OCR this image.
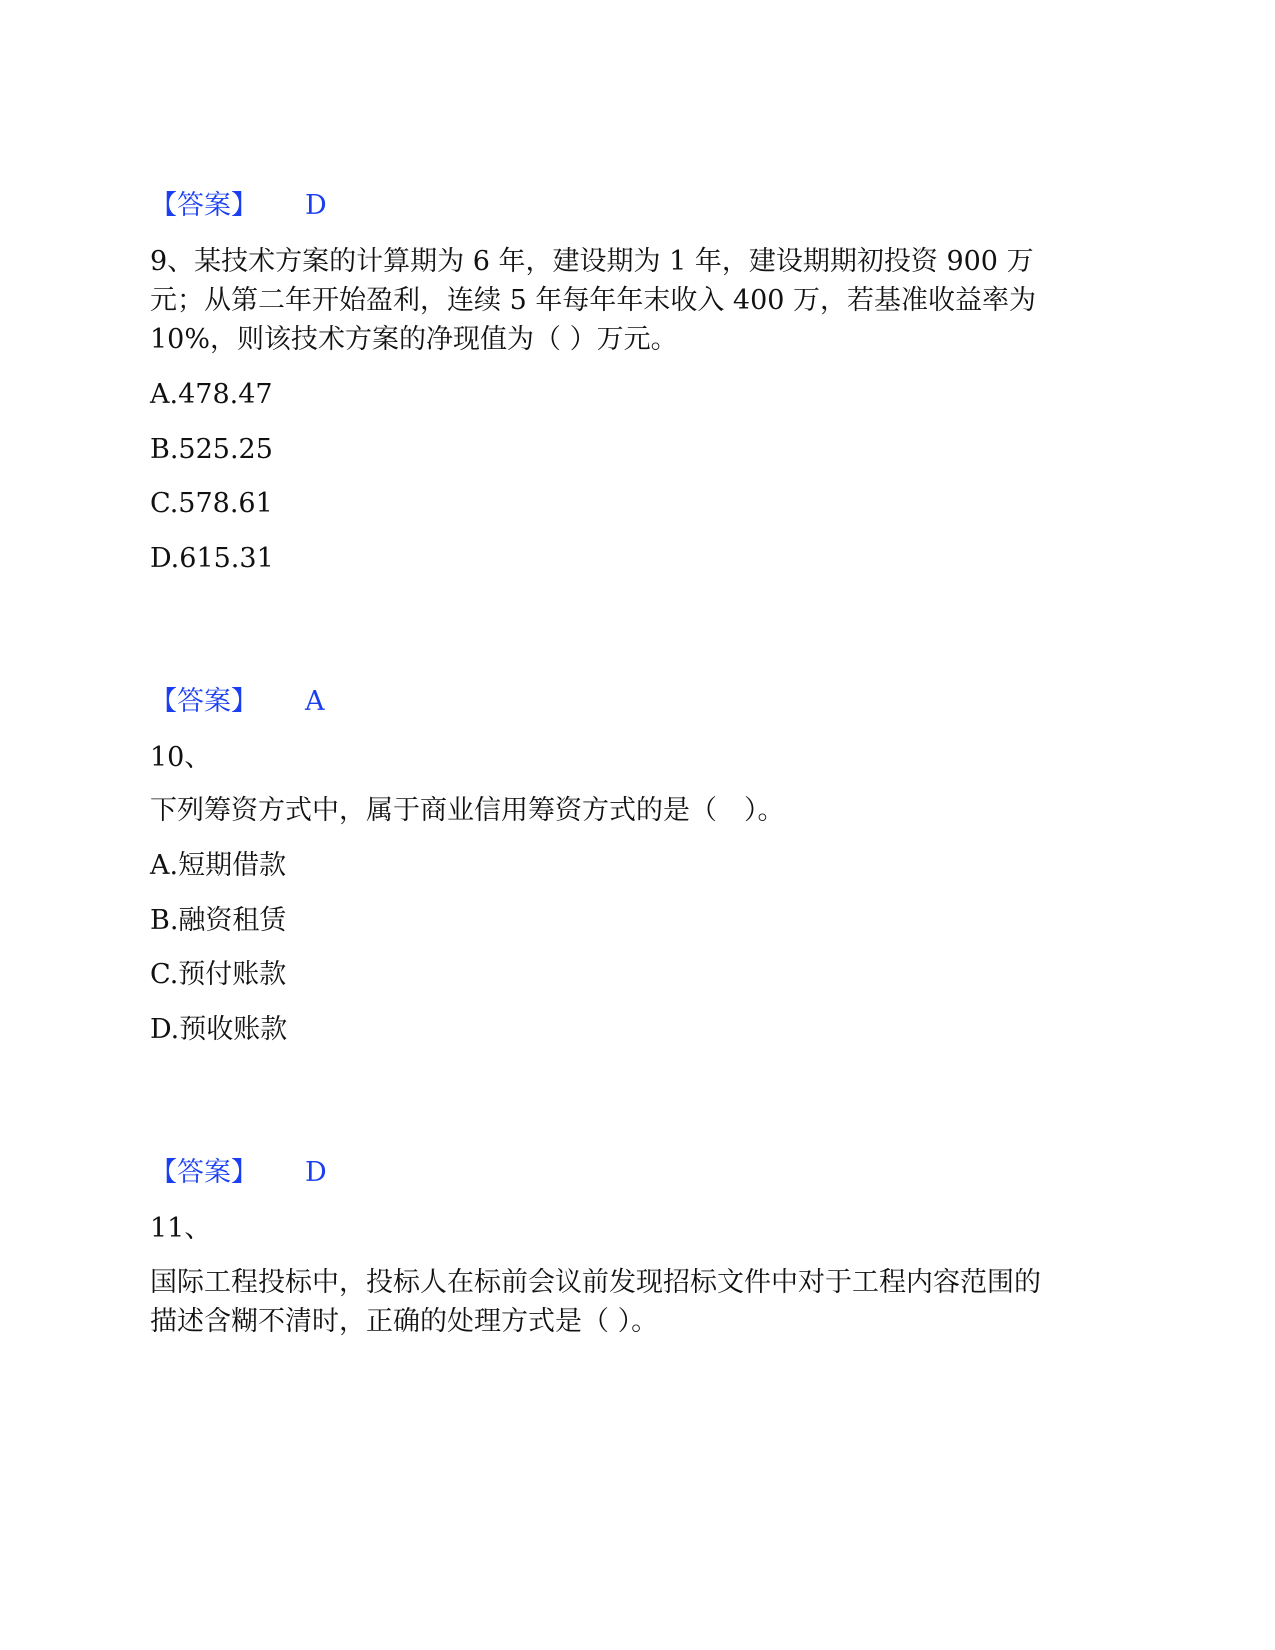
【答案】 D
9、某技术方案的计算期为 6 年，建设期为 1 年，建设期期初投资 900 万
元；从第二年开始盈利，连续 5 年每年年末收入 400 万，若基准收益率为
10%，则该技术方案的净现值为（ ）万元。
A.478.47
B.525.25
C.578.61
D.615.31
【答案】 A
10、
下列筹资方式中，属于商业信用筹资方式的是（　）。
A.短期借款
B.融资租赁
C.预付账款
D.预收账款
【答案】 D
11、
国际工程投标中，投标人在标前会议前发现招标文件中对于工程内容范围的
描述含糊不清时，正确的处理方式是（ ）。
